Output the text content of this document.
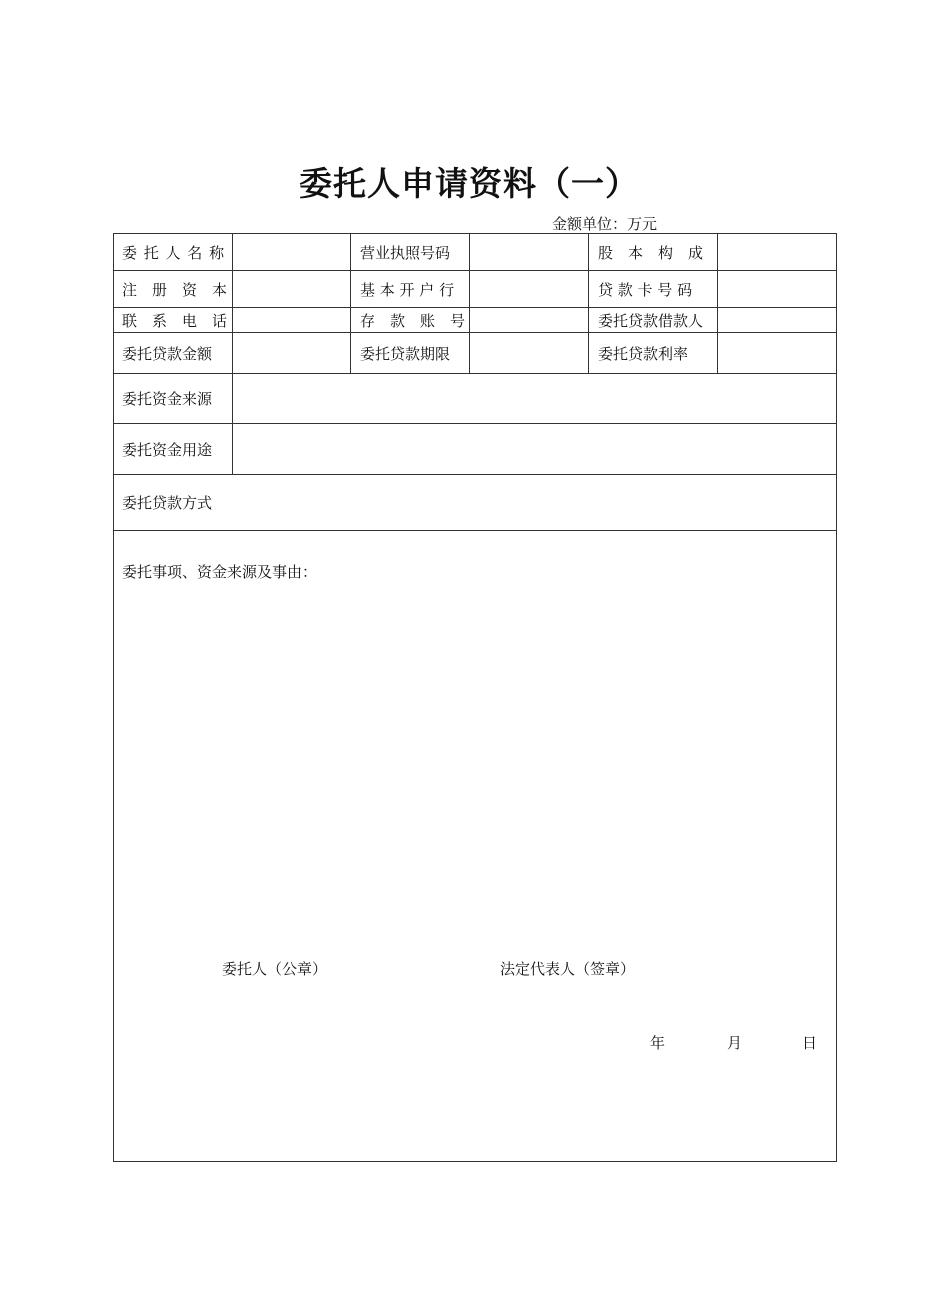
委托人申请资料（一）
金额单位：万元
委 托 人 名 称	营业执照号码	股　本　构　成
注　册　资　本	基 本 开 户 行	贷 款 卡 号 码
联　系　电　话	存　款　账　号	委托贷款借款人
委托贷款金额	委托贷款期限	委托贷款利率
委托资金来源
委托资金用途
委托贷款方式
委托事项、资金来源及事由：
委托人（公章）	法定代表人（签章）
年	月	日
